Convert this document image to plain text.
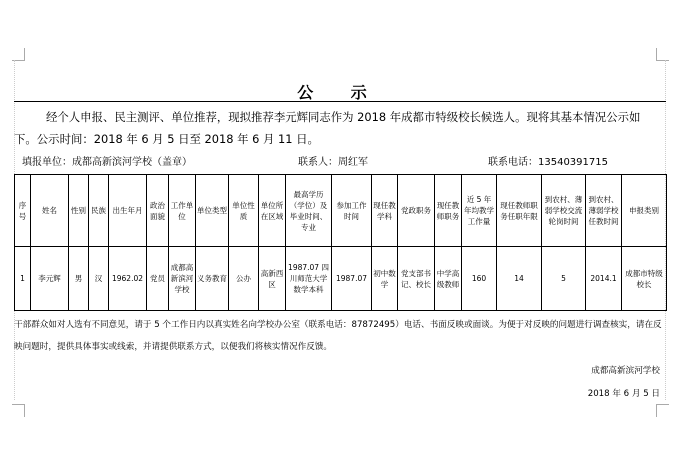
公 示
经个人申报、民主测评、单位推荐，现拟推荐李元辉同志作为 2018 年成都市特级校长候选人。现将其基本情况公示如下。公示时间：2018 年 6 月 5 日至 2018 年 6 月 11 日。
填报单位：成都高新滨河学校（盖章）	联系人：周红军	联系电话：13540391715
序号	姓名	性别	民族	出生年月	政治面貌	工作单位	单位类型	单位性质	单位所在区域	最高学历（学位）及毕业时间、专业	参加工作时间	现任教学科	党政职务	现任教师职务	近 5 年年均教学工作量	现任教师职务任职年限	到农村、薄弱学校交流轮岗时间	到农村、薄弱学校任教时间	申报类别
1	李元辉	男	汉	1962.02	党员	成都高新滨河学校	义务教育	公办	高新西区	1987.07 四川师范大学数学本科	1987.07	初中数学	党支部书记、校长	中学高级教师	160	14	5	2014.1	成都市特级校长
干部群众如对人选有不同意见，请于 5 个工作日内以真实姓名向学校办公室（联系电话：87872495）电话、书面反映或面谈。为便于对反映的问题进行调查核实，请在反映问题时，提供具体事实或线索，并请提供联系方式，以便我们将核实情况作反馈。
成都高新滨河学校
2018 年 6 月 5 日
